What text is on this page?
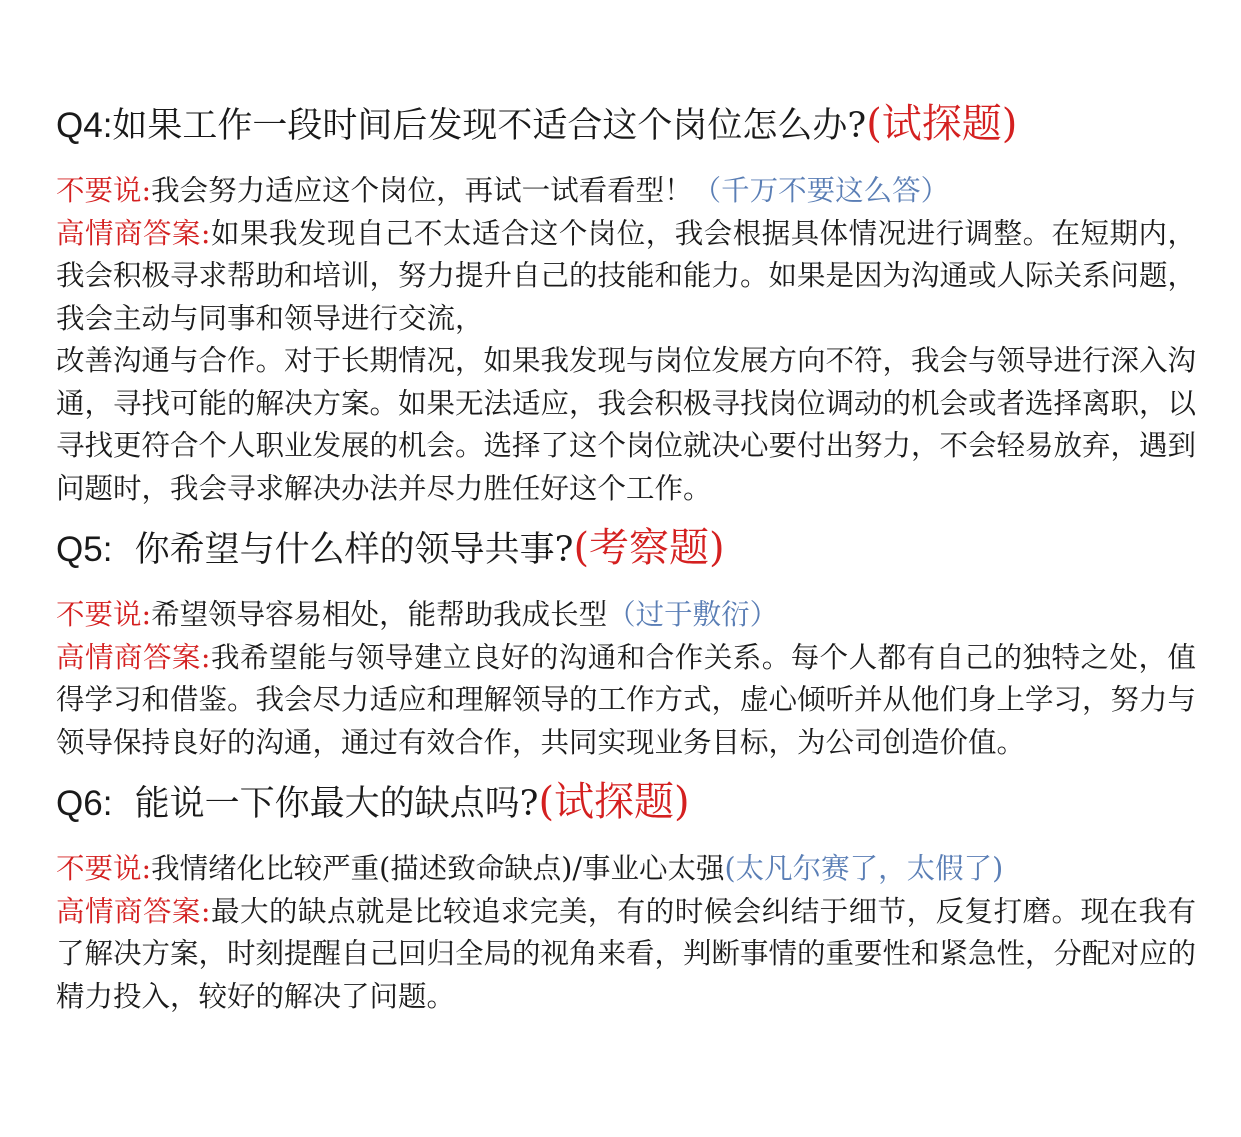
Q4:如果工作一段时间后发现不适合这个岗位怎么办?(试探题)

不要说:我会努力适应这个岗位，再试一试看看型！（千万不要这么答）

高情商答案:如果我发现自己不太适合这个岗位，我会根据具体情况进行调整。在短期内，我会积极寻求帮助和培训，努力提升自己的技能和能力。如果是因为沟通或人际关系问题，我会主动与同事和领导进行交流，

改善沟通与合作。对于长期情况，如果我发现与岗位发展方向不符，我会与领导进行深入沟通，寻找可能的解决方案。如果无法适应，我会积极寻找岗位调动的机会或者选择离职，以寻找更符合个人职业发展的机会。选择了这个岗位就决心要付出努力，不会轻易放弃，遇到问题时，我会寻求解决办法并尽力胜任好这个工作。

Q5:  你希望与什么样的领导共事?(考察题)

不要说:希望领导容易相处，能帮助我成长型（过于敷衍）

高情商答案:我希望能与领导建立良好的沟通和合作关系。每个人都有自己的独特之处，值得学习和借鉴。我会尽力适应和理解领导的工作方式，虚心倾听并从他们身上学习，努力与领导保持良好的沟通，通过有效合作，共同实现业务目标，为公司创造价值。

Q6:  能说一下你最大的缺点吗?(试探题)

不要说:我情绪化比较严重(描述致命缺点)/事业心太强(太凡尔赛了，太假了)

高情商答案:最大的缺点就是比较追求完美，有的时候会纠结于细节，反复打磨。现在我有了解决方案，时刻提醒自己回归全局的视角来看，判断事情的重要性和紧急性，分配对应的精力投入，较好的解决了问题。
